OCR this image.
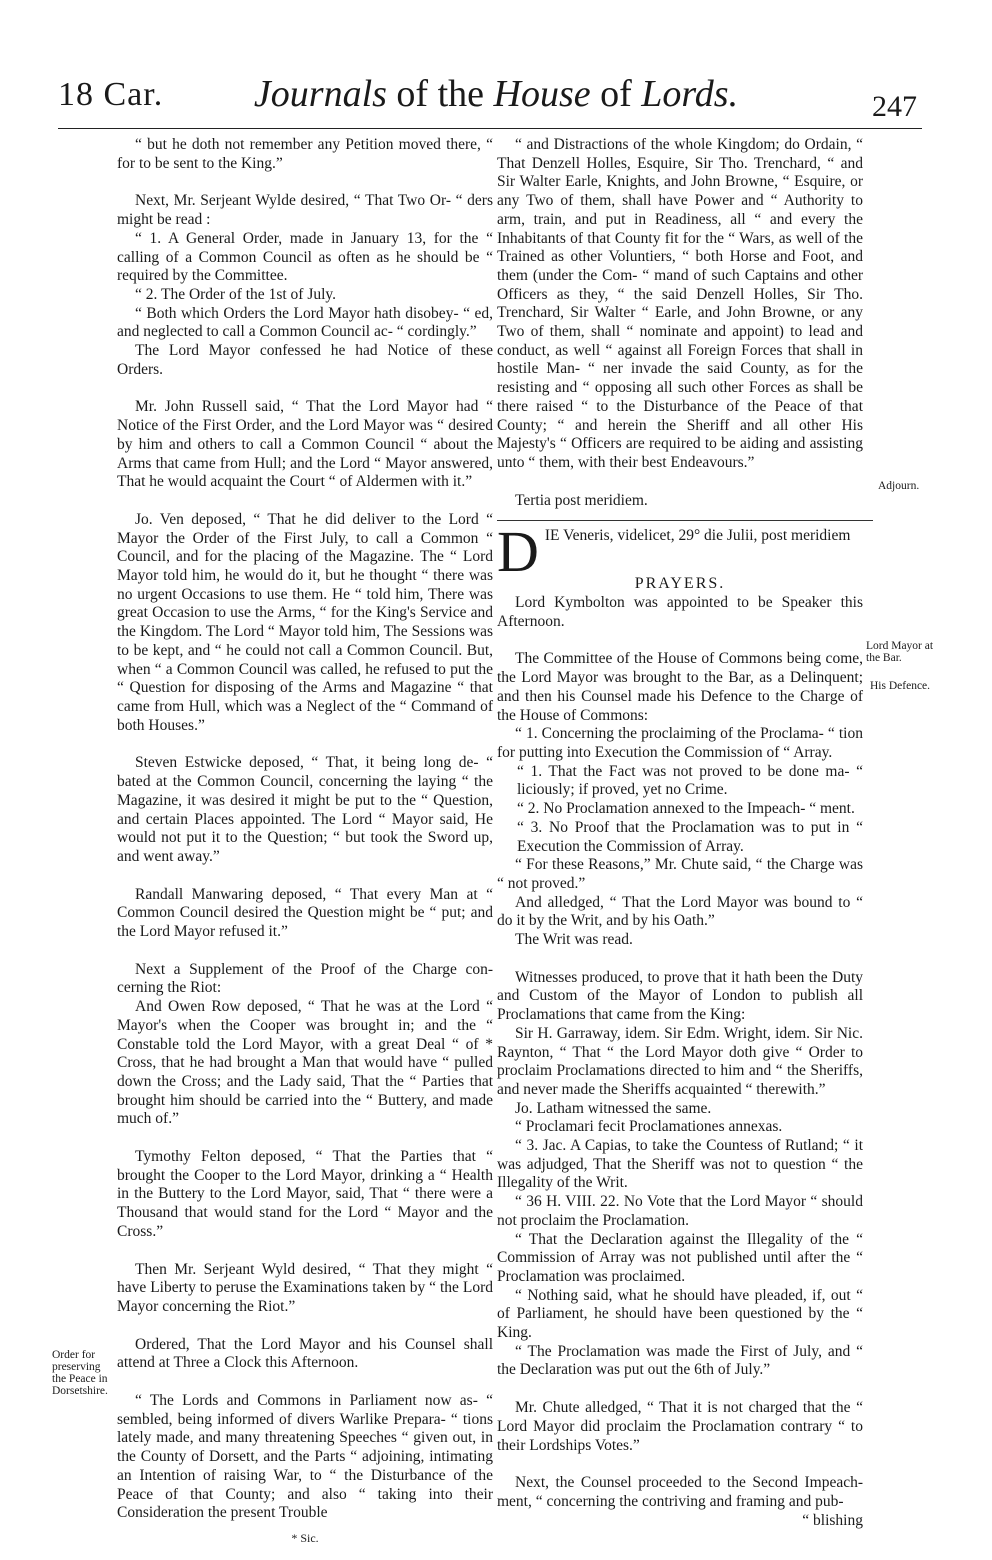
18 Car.	Journals of the House of Lords.	247

“ but he doth not remember any Petition moved there, “ for to be sent to the King.”

Next, Mr. Serjeant Wylde desired, “ That Two Or- “ ders might be read :

“ 1. A General Order, made in January 13, for the “ calling of a Common Council as often as he should be “ required by the Committee.

“ 2. The Order of the 1st of July.

“ Both which Orders the Lord Mayor hath disobey- “ ed, and neglected to call a Common Council ac- “ cordingly.”

The Lord Mayor confessed he had Notice of these Orders.

Mr. John Russell said, “ That the Lord Mayor had “ Notice of the First Order, and the Lord Mayor was “ desired by him and others to call a Common Council “ about the Arms that came from Hull; and the Lord “ Mayor answered, That he would acquaint the Court “ of Aldermen with it.”

Jo. Ven deposed, “ That he did deliver to the Lord “ Mayor the Order of the First July, to call a Common “ Council, and for the placing of the Magazine. The “ Lord Mayor told him, he would do it, but he thought “ there was no urgent Occasions to use them. He “ told him, There was great Occasion to use the Arms, “ for the King's Service and the Kingdom. The Lord “ Mayor told him, The Sessions was to be kept, and “ he could not call a Common Council. But, when “ a Common Council was called, he refused to put the “ Question for disposing of the Arms and Magazine “ that came from Hull, which was a Neglect of the “ Command of both Houses.”

Steven Estwicke deposed, “ That, it being long de- “ bated at the Common Council, concerning the laying “ the Magazine, it was desired it might be put to the “ Question, and certain Places appointed. The Lord “ Mayor said, He would not put it to the Question; “ but took the Sword up, and went away.”

Randall Manwaring deposed, “ That every Man at “ Common Council desired the Question might be “ put; and the Lord Mayor refused it.”

Next a Supplement of the Proof of the Charge con- cerning the Riot:

And Owen Row deposed, “ That he was at the Lord “ Mayor's when the Cooper was brought in; and the “ Constable told the Lord Mayor, with a great Deal “ of * Cross, that he had brought a Man that would have “ pulled down the Cross; and the Lady said, That the “ Parties that brought him should be carried into the “ Buttery, and made much of.”

Tymothy Felton deposed, “ That the Parties that “ brought the Cooper to the Lord Mayor, drinking a “ Health in the Buttery to the Lord Mayor, said, That “ there were a Thousand that would stand for the Lord “ Mayor and the Cross.”

Then Mr. Serjeant Wyld desired, “ That they might “ have Liberty to peruse the Examinations taken by “ the Lord Mayor concerning the Riot.”

Ordered, That the Lord Mayor and his Counsel shall attend at Three a Clock this Afternoon.

“ The Lords and Commons in Parliament now as- “ sembled, being informed of divers Warlike Prepara- “ tions lately made, and many threatening Speeches “ given out, in the County of Dorsett, and the Parts “ adjoining, intimating an Intention of raising War, to “ the Disturbance of the Peace of that County; and also “ taking into their Consideration the present Trouble

* Sic.

“ and Distractions of the whole Kingdom; do Ordain, “ That Denzell Holles, Esquire, Sir Tho. Trenchard, “ and Sir Walter Earle, Knights, and John Browne, “ Esquire, or any Two of them, shall have Power and “ Authority to arm, train, and put in Readiness, all “ and every the Inhabitants of that County fit for the “ Wars, as well of the Trained as other Voluntiers, “ both Horse and Foot, and them (under the Com- “ mand of such Captains and other Officers as they, “ the said Denzell Holles, Sir Tho. Trenchard, Sir Walter “ Earle, and John Browne, or any Two of them, shall “ nominate and appoint) to lead and conduct, as well “ against all Foreign Forces that shall in hostile Man- “ ner invade the said County, as for the resisting and “ opposing all such other Forces as shall be there raised “ to the Disturbance of the Peace of that County; “ and herein the Sheriff and all other His Majesty's “ Officers are required to be aiding and assisting unto “ them, with their best Endeavours.”

Tertia post meridiem.

DIE Veneris, videlicet, 29° die Julii, post meridiem

PRAYERS.

Lord Kymbolton was appointed to be Speaker this Afternoon.

The Committee of the House of Commons being come, the Lord Mayor was brought to the Bar, as a Delinquent; and then his Counsel made his Defence to the Charge of the House of Commons:

“ 1. Concerning the proclaiming of the Proclama- “ tion for putting into Execution the Commission of “ Array.

“ 1. That the Fact was not proved to be done ma- “ liciously; if proved, yet no Crime.

“ 2. No Proclamation annexed to the Impeach- “ ment.

“ 3. No Proof that the Proclamation was to put in “ Execution the Commission of Array.

“ For these Reasons,” Mr. Chute said, “ the Charge was “ not proved.”

And alledged, “ That the Lord Mayor was bound to “ do it by the Writ, and by his Oath.”

The Writ was read.

Witnesses produced, to prove that it hath been the Duty and Custom of the Mayor of London to publish all Proclamations that came from the King:

Sir H. Garraway, idem. Sir Edm. Wright, idem. Sir Nic. Raynton, “ That “ the Lord Mayor doth give “ Order to proclaim Proclamations directed to him and “ the Sheriffs, and never made the Sheriffs acquainted “ therewith.”

Jo. Latham witnessed the same.

“ Proclamari fecit Proclamationes annexas.

“ 3. Jac. A Capias, to take the Countess of Rutland; “ it was adjudged, That the Sheriff was not to question “ the Illegality of the Writ.

“ 36 H. VIII. 22. No Vote that the Lord Mayor “ should not proclaim the Proclamation.

“ That the Declaration against the Illegality of the “ Commission of Array was not published until after the “ Proclamation was proclaimed.

“ Nothing said, what he should have pleaded, if, out “ of Parliament, he should have been questioned by the “ King.

“ The Proclamation was made the First of July, and “ the Declaration was put out the 6th of July.”

Mr. Chute alledged, “ That it is not charged that the “ Lord Mayor did proclaim the Proclamation contrary “ to their Lordships Votes.”

Next, the Counsel proceeded to the Second Impeach- ment, “ concerning the contriving and framing and pub-

“ blishing

Adjourn.
Lord Mayor at the Bar.
His Defence.
Order for preserving the Peace in Dorsetshire.
